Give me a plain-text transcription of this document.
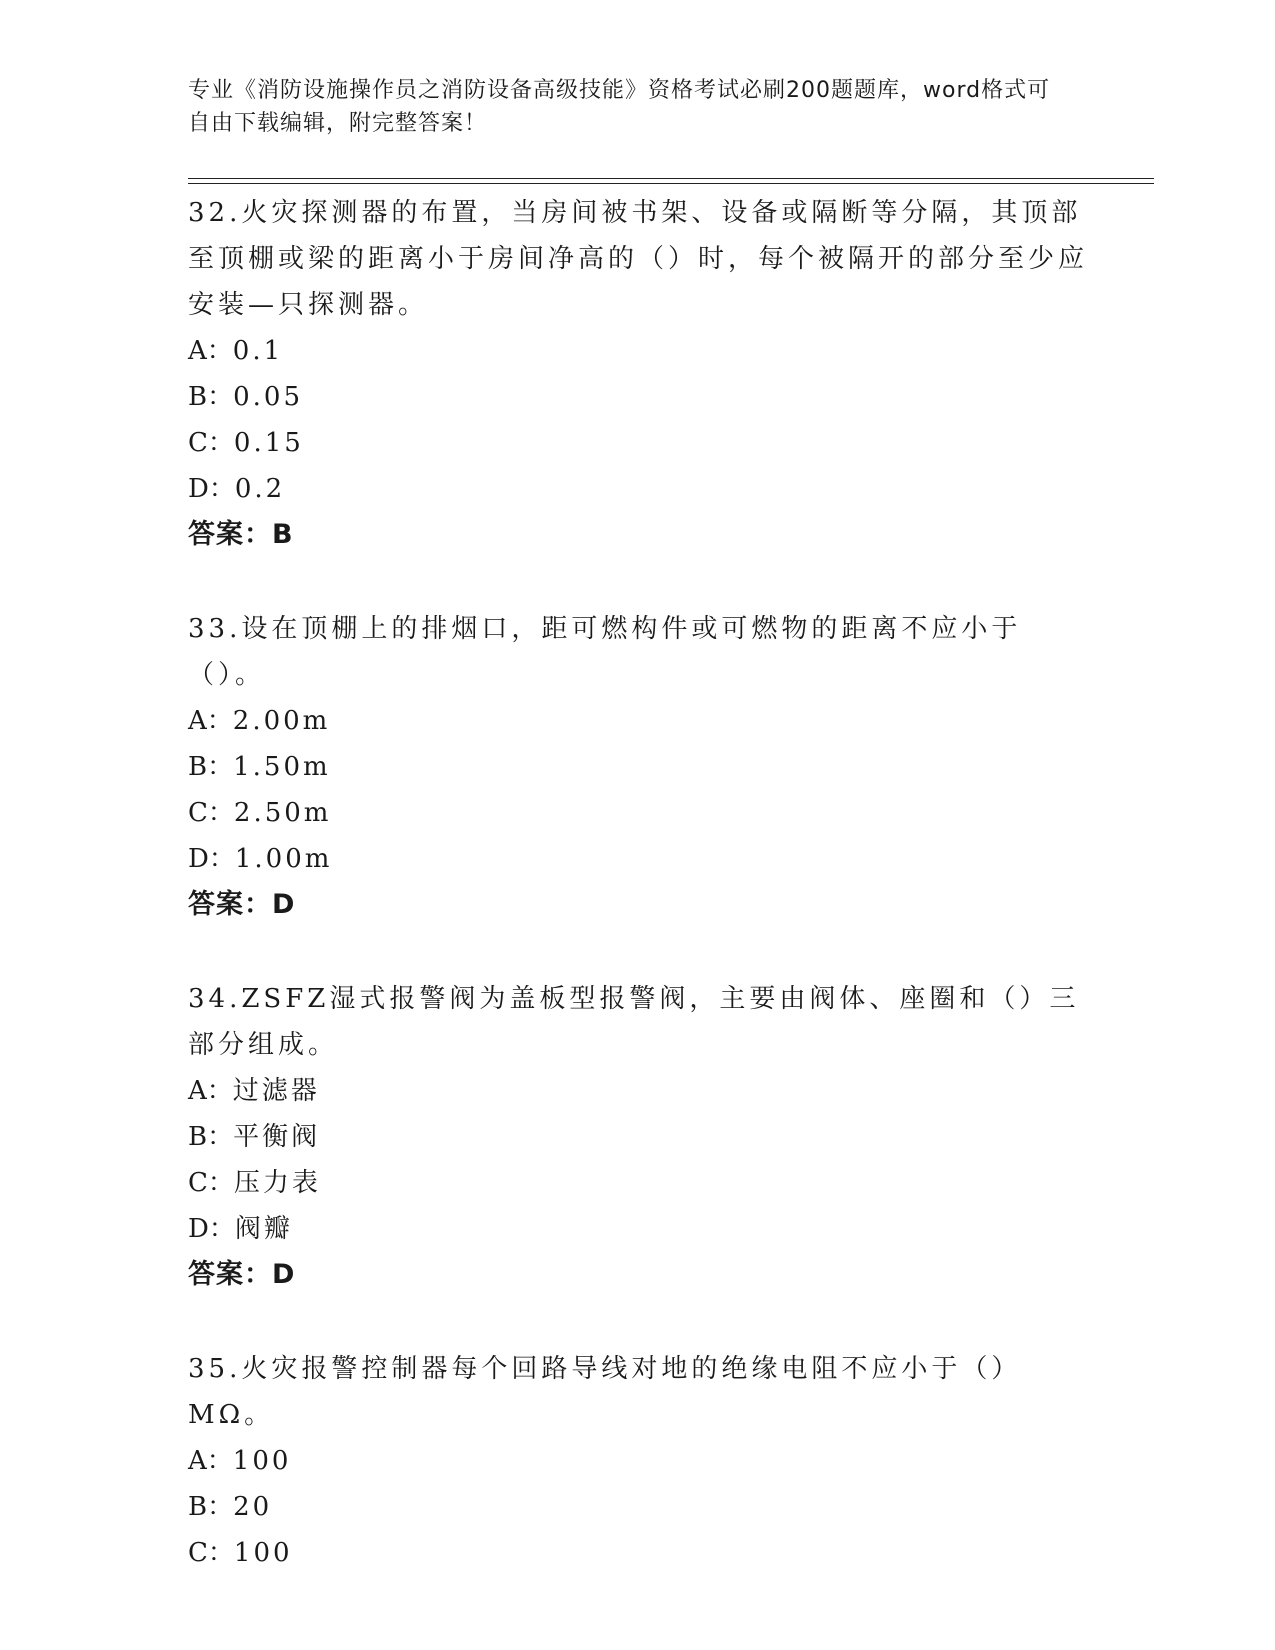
专业《消防设施操作员之消防设备高级技能》资格考试必刷200题题库，word格式可自由下载编辑，附完整答案！

32.火灾探测器的布置，当房间被书架、设备或隔断等分隔，其顶部至顶棚或梁的距离小于房间净高的（）时，每个被隔开的部分至少应安装—只探测器。

A：0.1

B：0.05

C：0.15

D：0.2

答案：B

33.设在顶棚上的排烟口，距可燃构件或可燃物的距离不应小于（）。

A：2.00m

B：1.50m

C：2.50m

D：1.00m

答案：D

34.ZSFZ湿式报警阀为盖板型报警阀，主要由阀体、座圈和（）三部分组成。

A：过滤器

B：平衡阀

C：压力表

D：阀瓣

答案：D

35.火灾报警控制器每个回路导线对地的绝缘电阻不应小于（）MΩ。

A：100

B：20

C：100
